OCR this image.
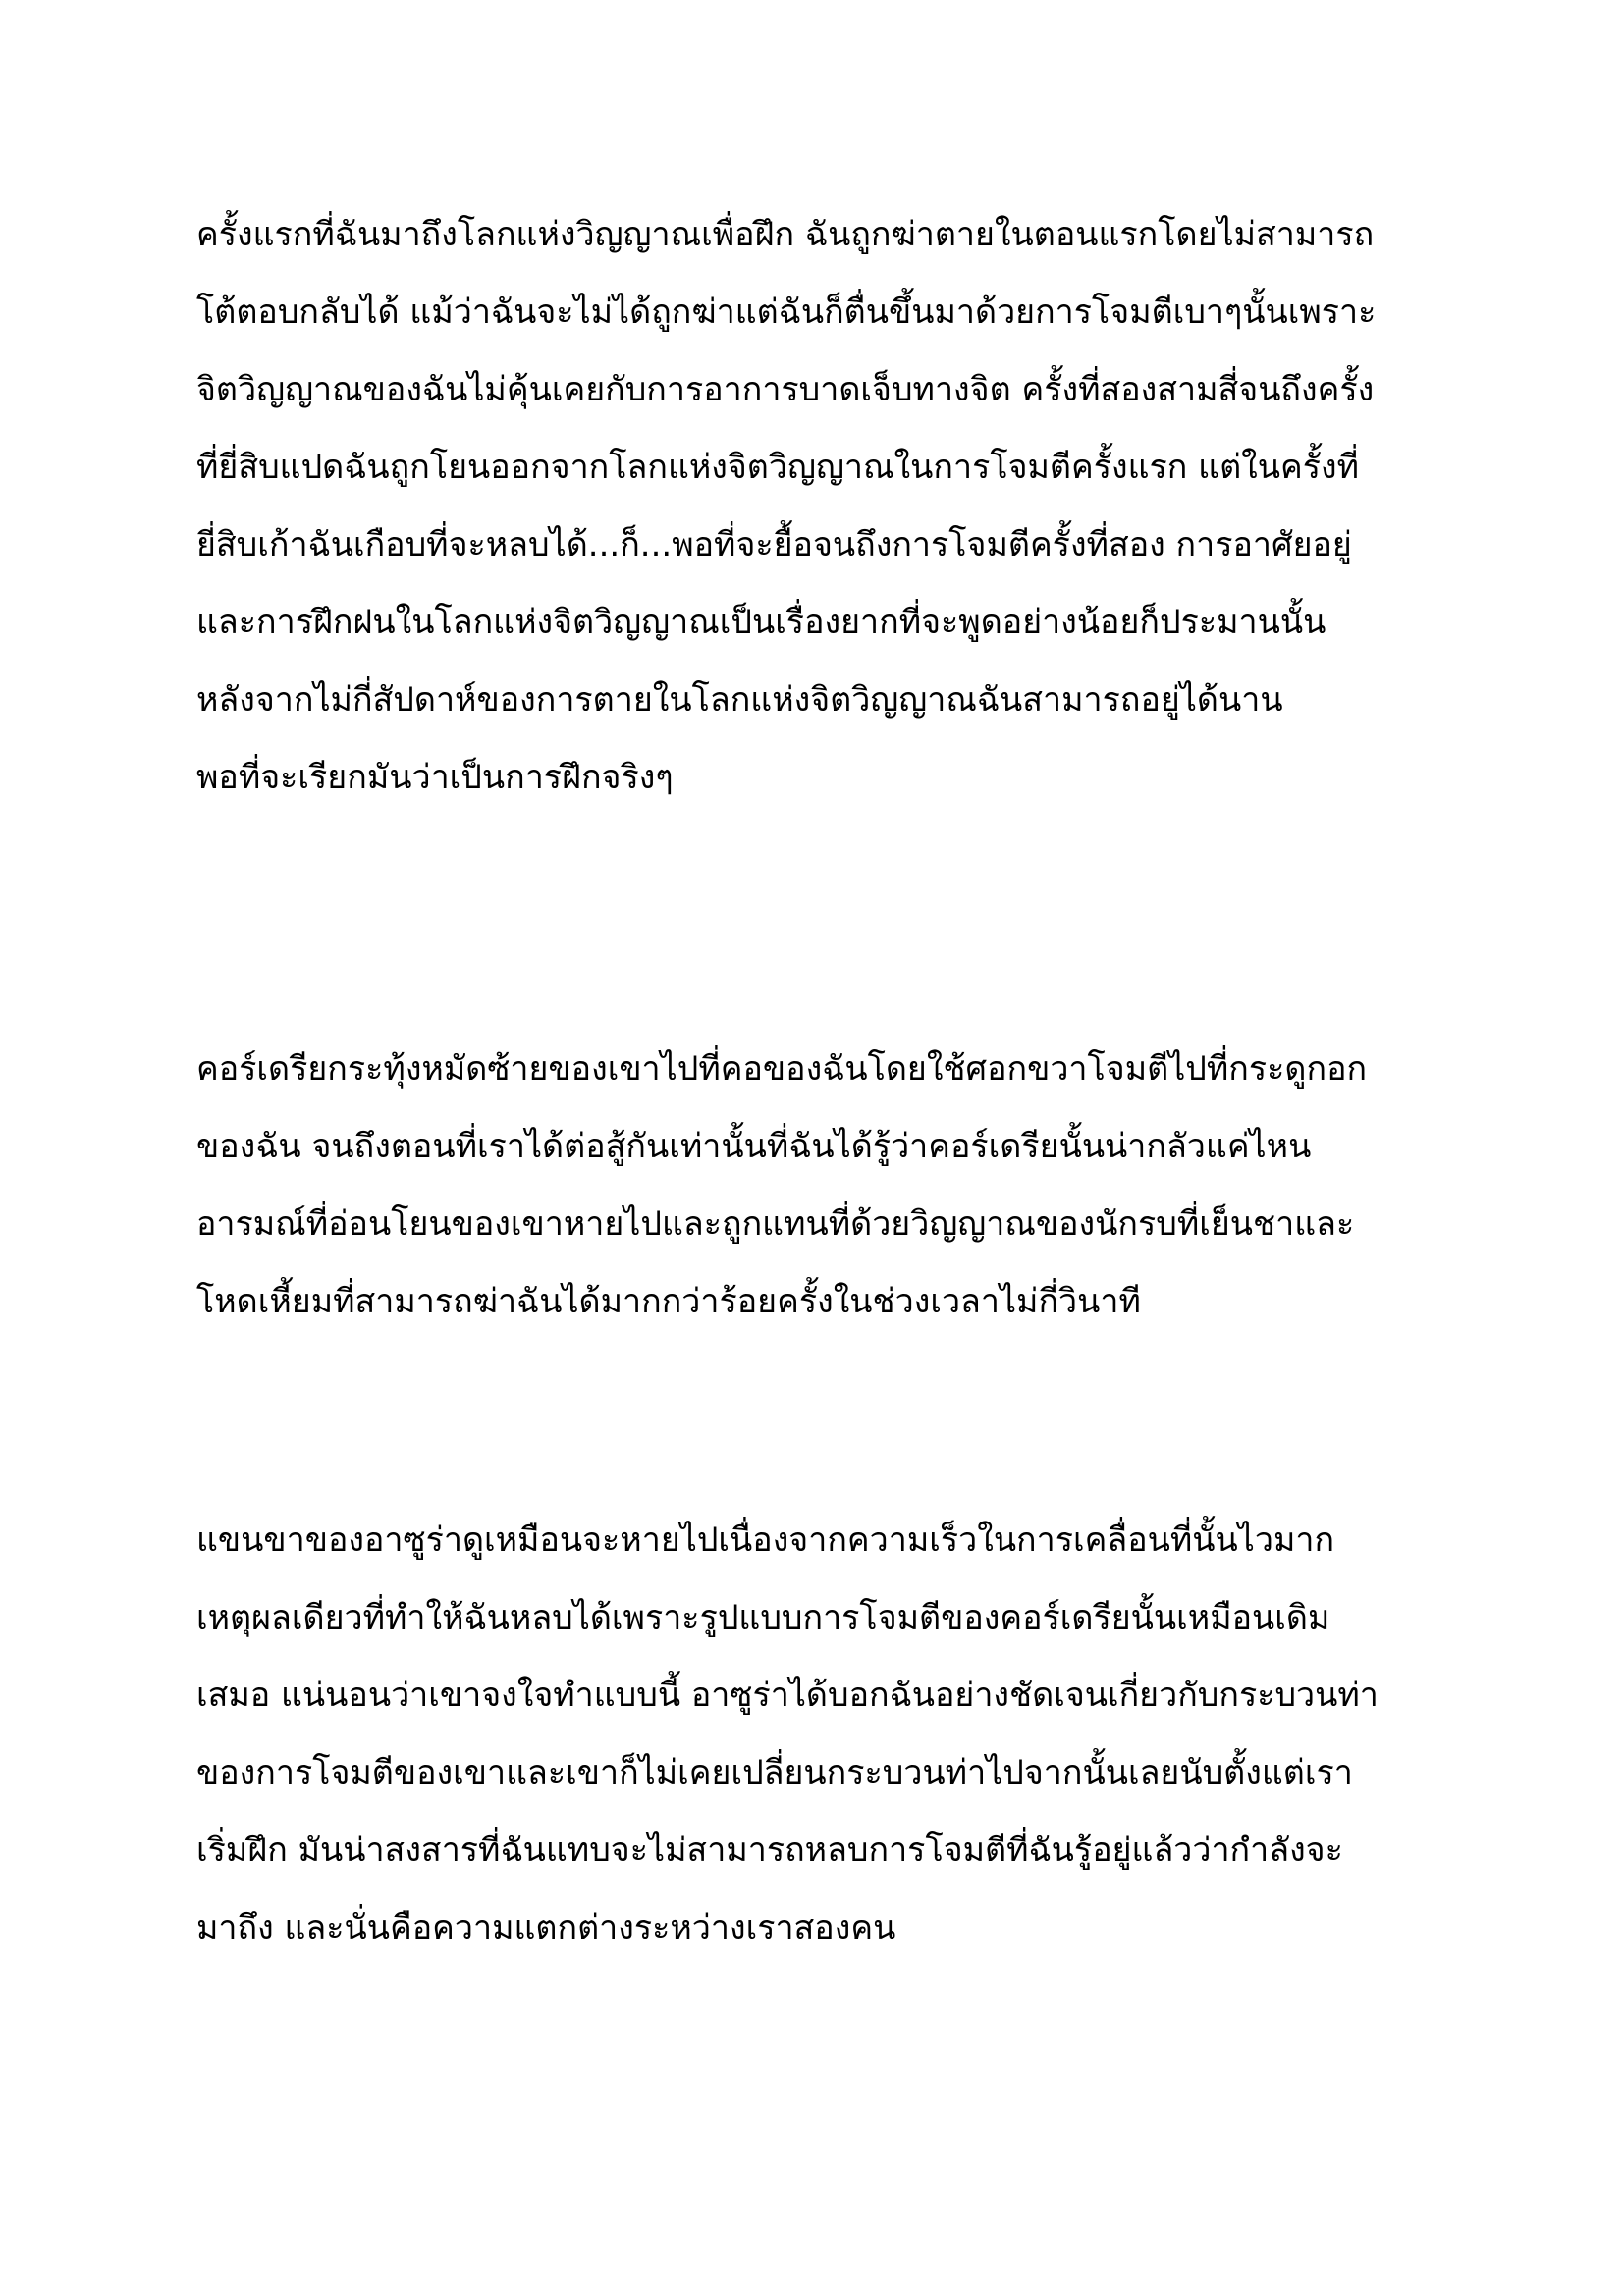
ครั้งแรกที่ฉันมาถึงโลกแห่งวิญญาณเพื่อฝึก ฉันถูกฆ่าตายในตอนแรกโดยไม่สามารถ
โต้ตอบกลับได้ แม้ว่าฉันจะไม่ได้ถูกฆ่าแต่ฉันก็ตื่นขึ้นมาด้วยการโจมตีเบาๆนั้นเพราะ
จิตวิญญาณของฉันไม่คุ้นเคยกับการอาการบาดเจ็บทางจิต ครั้งที่สองสามสี่จนถึงครั้ง
ที่ยี่สิบแปดฉันถูกโยนออกจากโลกแห่งจิตวิญญาณในการโจมตีครั้งแรก แต่ในครั้งที่
ยี่สิบเก้าฉันเกือบที่จะหลบได้...ก็...พอที่จะยื้อจนถึงการโจมตีครั้งที่สอง การอาศัยอยู่
และการฝึกฝนในโลกแห่งจิตวิญญาณเป็นเรื่องยากที่จะพูดอย่างน้อยก็ประมานนั้น
หลังจากไม่กี่สัปดาห์ของการตายในโลกแห่งจิตวิญญาณฉันสามารถอยู่ได้นาน
พอที่จะเรียกมันว่าเป็นการฝึกจริงๆ
คอร์เดรียกระทุ้งหมัดซ้ายของเขาไปที่คอของฉันโดยใช้ศอกขวาโจมตีไปที่กระดูกอก
ของฉัน จนถึงตอนที่เราได้ต่อสู้กันเท่านั้นที่ฉันได้รู้ว่าคอร์เดรียนั้นน่ากลัวแค่ไหน
อารมณ์ที่อ่อนโยนของเขาหายไปและถูกแทนที่ด้วยวิญญาณของนักรบที่เย็นชาและ
โหดเหี้ยมที่สามารถฆ่าฉันได้มากกว่าร้อยครั้งในช่วงเวลาไม่กี่วินาที
แขนขาของอาซูร่าดูเหมือนจะหายไปเนื่องจากความเร็วในการเคลื่อนที่นั้นไวมาก
เหตุผลเดียวที่ทำให้ฉันหลบได้เพราะรูปแบบการโจมตีของคอร์เดรียนั้นเหมือนเดิม
เสมอ แน่นอนว่าเขาจงใจทำแบบนี้ อาซูร่าได้บอกฉันอย่างชัดเจนเกี่ยวกับกระบวนท่า
ของการโจมตีของเขาและเขาก็ไม่เคยเปลี่ยนกระบวนท่าไปจากนั้นเลยนับตั้งแต่เรา
เริ่มฝึก มันน่าสงสารที่ฉันแทบจะไม่สามารถหลบการโจมตีที่ฉันรู้อยู่แล้วว่ากำลังจะ
มาถึง และนั่นคือความแตกต่างระหว่างเราสองคน
